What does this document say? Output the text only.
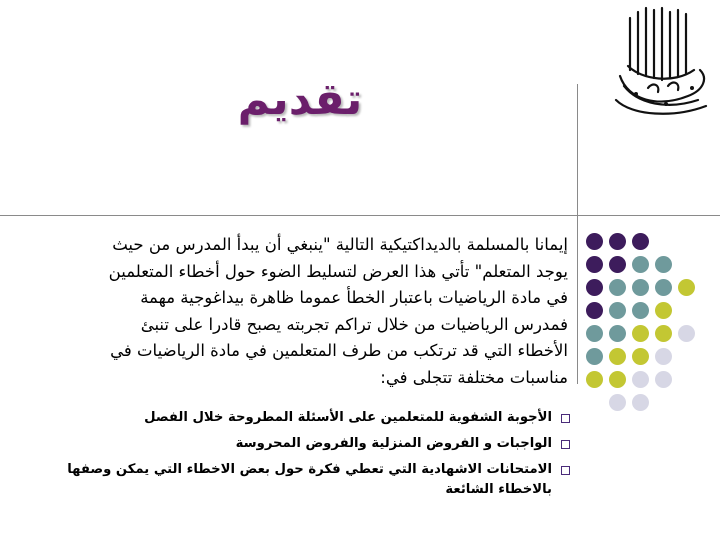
تقديم
إيمانا بالمسلمة بالديداكتيكية التالية "ينبغي أن يبدأ المدرس من حيث
يوجد المتعلم" تأتي هذا العرض لتسليط الضوء حول أخطاء المتعلمين
في مادة الرياضيات باعتبار الخطأ عموما ظاهرة بيداغوجية مهمة
فمدرس الرياضيات من خلال تراكم تجربته يصبح قادرا على تنبئ
الأخطاء التي قد ترتكب من طرف المتعلمين في مادة الرياضيات في
مناسبات مختلفة تتجلى في:
الأجوبة الشفوية للمتعلمين على الأسئلة المطروحة خلال الفصل
الواجبات و الفروض المنزلية والفروض المحروسة
الامتحانات الاشهادية التي تعطي فكرة حول بعض الاخطاء التي يمكن وصفها
بالاخطاء الشائعة
